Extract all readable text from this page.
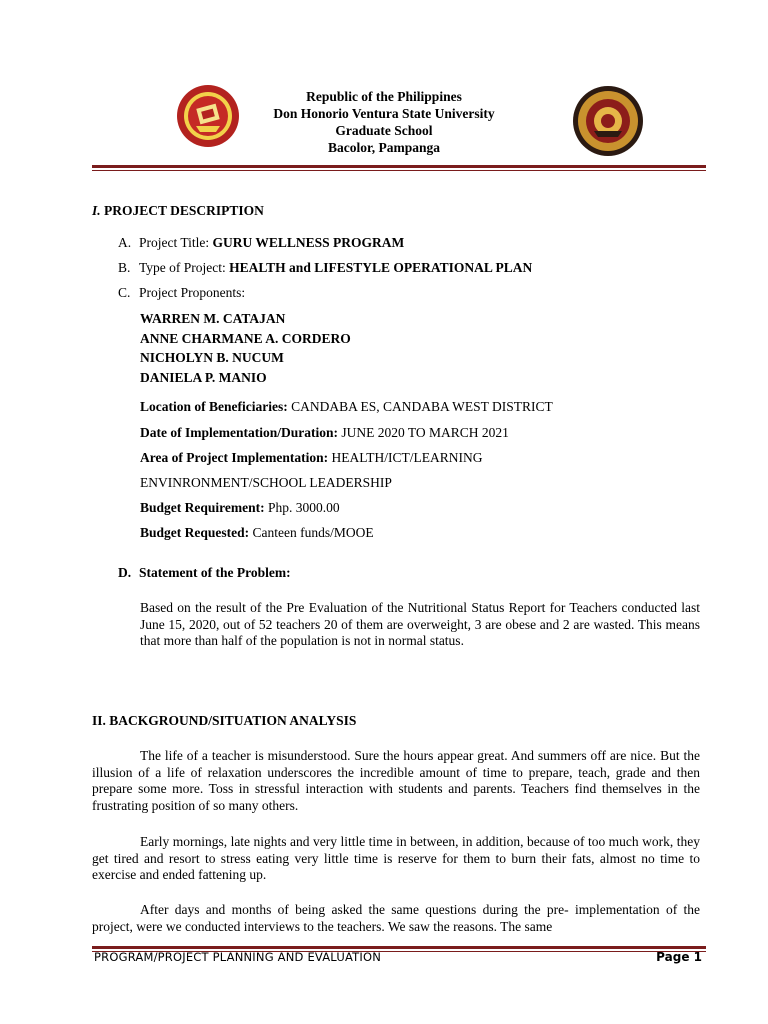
Republic of the Philippines
Don Honorio Ventura State University
Graduate School
Bacolor, Pampanga
I. PROJECT DESCRIPTION
A. Project Title: GURU WELLNESS PROGRAM
B. Type of Project: HEALTH and LIFESTYLE OPERATIONAL PLAN
C. Project Proponents:
WARREN M. CATAJAN
ANNE CHARMANE A. CORDERO
NICHOLYN B. NUCUM
DANIELA P. MANIO
Location of Beneficiaries: CANDABA ES, CANDABA WEST DISTRICT
Date of Implementation/Duration: JUNE 2020 TO MARCH 2021
Area of Project Implementation: HEALTH/ICT/LEARNING
ENVINRONMENT/SCHOOL LEADERSHIP
Budget Requirement: Php. 3000.00
Budget Requested: Canteen funds/MOOE
D. Statement of the Problem:
Based on the result of the Pre Evaluation of the Nutritional Status Report for Teachers conducted last June 15, 2020, out of 52 teachers 20 of them are overweight, 3 are obese and 2 are wasted. This means that more than half of the population is not in normal status.
II. BACKGROUND/SITUATION ANALYSIS
The life of a teacher is misunderstood. Sure the hours appear great. And summers off are nice. But the illusion of a life of relaxation underscores the incredible amount of time to prepare, teach, grade and then prepare some more. Toss in stressful interaction with students and parents. Teachers find themselves in the frustrating position of so many others.
Early mornings, late nights and very little time in between, in addition, because of too much work, they get tired and resort to stress eating very little time is reserve for them to burn their fats, almost no time to exercise and ended fattening up.
After days and months of being asked the same questions during the pre- implementation of the project, were we conducted interviews to the teachers. We saw the reasons. The same
PROGRAM/PROJECT PLANNING AND EVALUATION	Page 1
